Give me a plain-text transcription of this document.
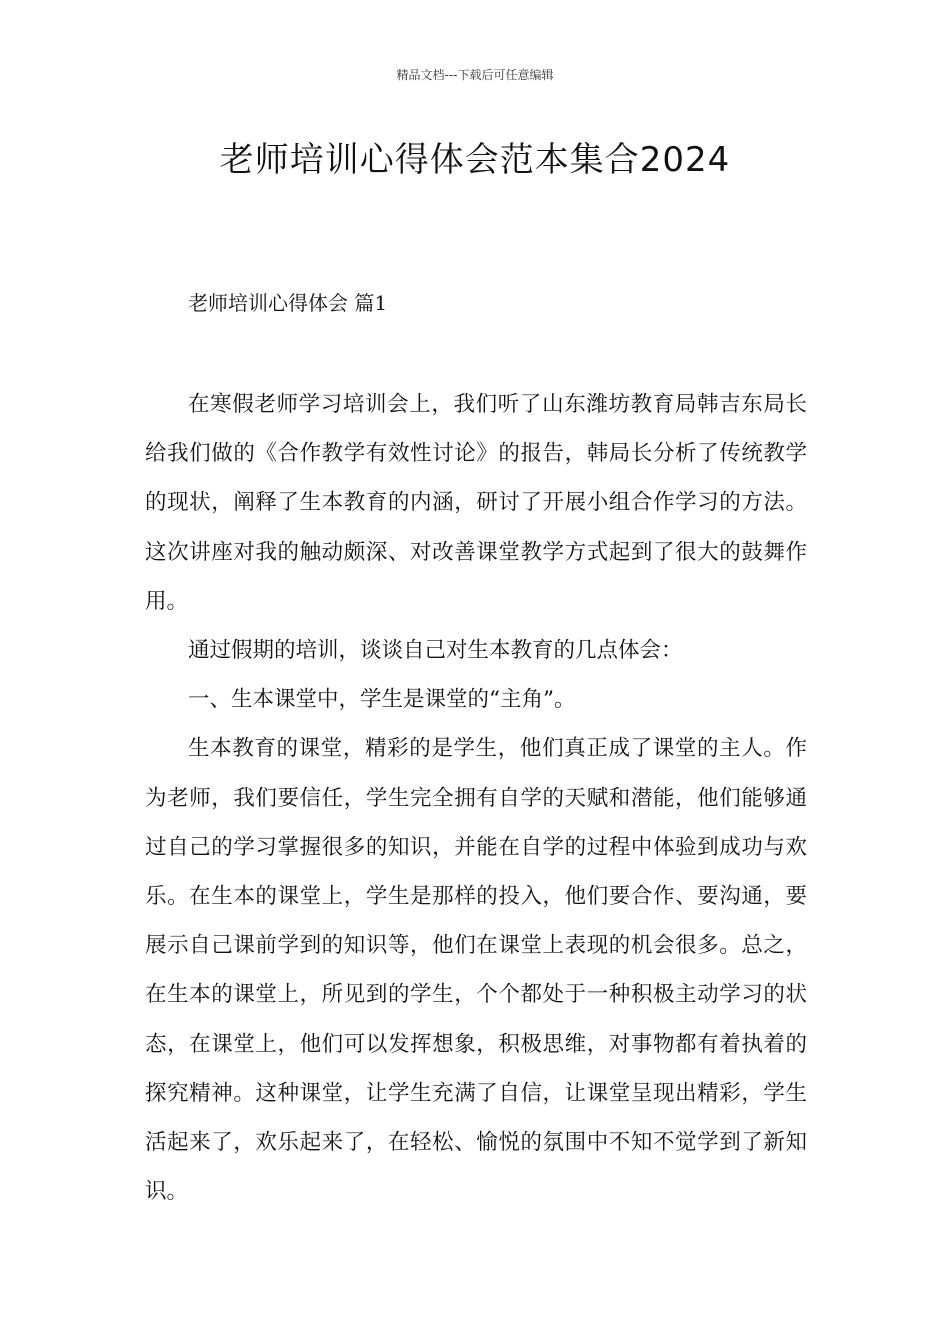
精品文档---下载后可任意编辑
老师培训心得体会范本集合2024
老师培训心得体会 篇1

在寒假老师学习培训会上，我们听了山东潍坊教育局韩吉东局长给我们做的《合作教学有效性讨论》的报告，韩局长分析了传统教学的现状，阐释了生本教育的内涵，研讨了开展小组合作学习的方法。这次讲座对我的触动颇深、对改善课堂教学方式起到了很大的鼓舞作用。

通过假期的培训，谈谈自己对生本教育的几点体会：

一、生本课堂中，学生是课堂的“主角”。

生本教育的课堂，精彩的是学生，他们真正成了课堂的主人。作为老师，我们要信任，学生完全拥有自学的天赋和潜能，他们能够通过自己的学习掌握很多的知识，并能在自学的过程中体验到成功与欢乐。在生本的课堂上，学生是那样的投入，他们要合作、要沟通，要展示自己课前学到的知识等，他们在课堂上表现的机会很多。总之，在生本的课堂上，所见到的学生，个个都处于一种积极主动学习的状态，在课堂上，他们可以发挥想象，积极思维，对事物都有着执着的探究精神。这种课堂，让学生充满了自信，让课堂呈现出精彩，学生活起来了，欢乐起来了，在轻松、愉悦的氛围中不知不觉学到了新知识。
